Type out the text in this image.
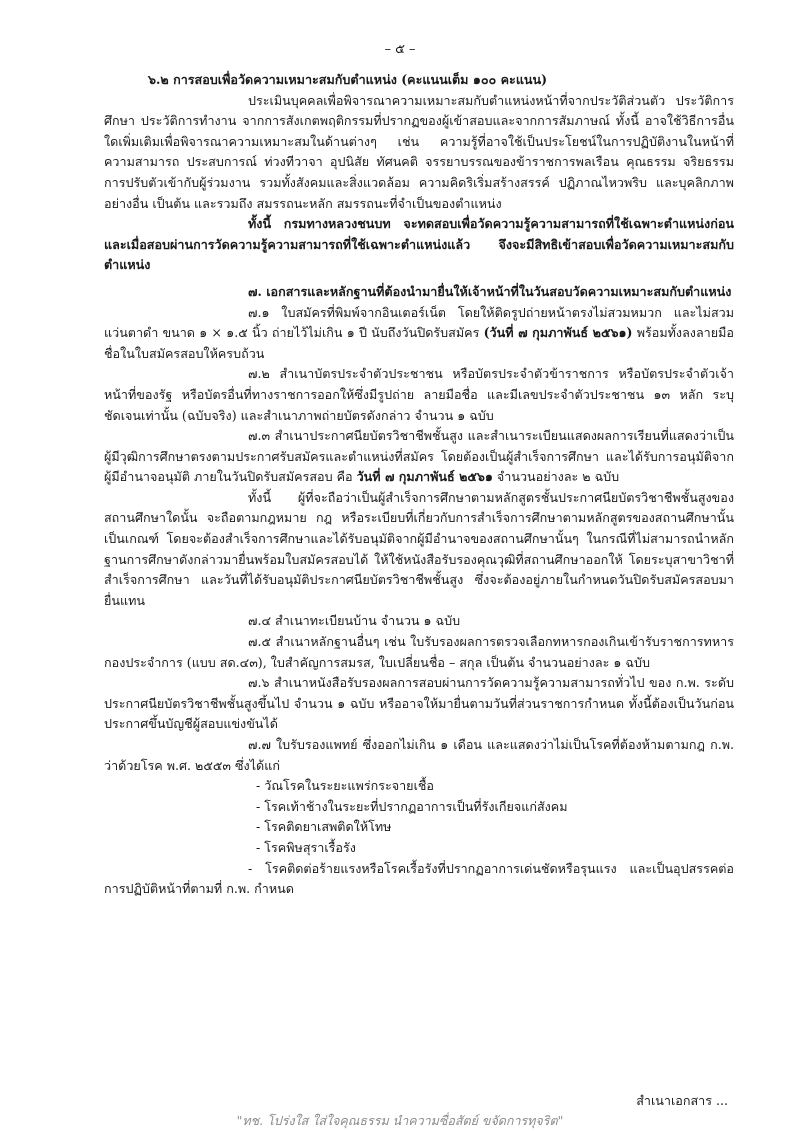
– ๕ –

๖.๒ การสอบเพื่อวัดความเหมาะสมกับตำแหน่ง (คะแนนเต็ม ๑๐๐ คะแนน)

ประเมินบุคคลเพื่อพิจารณาความเหมาะสมกับตำแหน่งหน้าที่จากประวัติส่วนตัว ประวัติการศึกษา ประวัติการทำงาน จากการสังเกตพฤติกรรมที่ปรากฏของผู้เข้าสอบและจากการสัมภาษณ์ ทั้งนี้ อาจใช้วิธีการอื่นใดเพิ่มเติมเพื่อพิจารณาความเหมาะสมในด้านต่างๆ เช่น ความรู้ที่อาจใช้เป็นประโยชน์ในการปฏิบัติงานในหน้าที่ ความสามารถ ประสบการณ์ ท่วงทีวาจา อุปนิสัย ทัศนคติ จรรยาบรรณของข้าราชการพลเรือน คุณธรรม จริยธรรม การปรับตัวเข้ากับผู้ร่วมงาน รวมทั้งสังคมและสิ่งแวดล้อม ความคิดริเริ่มสร้างสรรค์ ปฏิภาณไหวพริบ และบุคลิกภาพอย่างอื่น เป็นต้น และรวมถึง สมรรถนะหลัก สมรรถนะที่จำเป็นของตำแหน่ง

ทั้งนี้ กรมทางหลวงชนบท จะทดสอบเพื่อวัดความรู้ความสามารถที่ใช้เฉพาะตำแหน่งก่อน และเมื่อสอบผ่านการวัดความรู้ความสามารถที่ใช้เฉพาะตำแหน่งแล้ว จึงจะมีสิทธิเข้าสอบเพื่อวัดความเหมาะสมกับตำแหน่ง

๗. เอกสารและหลักฐานที่ต้องนำมายื่นให้เจ้าหน้าที่ในวันสอบวัดความเหมาะสมกับตำแหน่ง

๗.๑ ใบสมัครที่พิมพ์จากอินเตอร์เน็ต โดยให้ติดรูปถ่ายหน้าตรงไม่สวมหมวก และไม่สวมแว่นตาดำ ขนาด ๑ × ๑.๕ นิ้ว ถ่ายไว้ไม่เกิน ๑ ปี นับถึงวันปิดรับสมัคร (วันที่ ๗ กุมภาพันธ์ ๒๕๖๑) พร้อมทั้งลงลายมือชื่อในใบสมัครสอบให้ครบถ้วน

๗.๒ สำเนาบัตรประจำตัวประชาชน หรือบัตรประจำตัวข้าราชการ หรือบัตรประจำตัวเจ้าหน้าที่ของรัฐ หรือบัตรอื่นที่ทางราชการออกให้ซึ่งมีรูปถ่าย ลายมือชื่อ และมีเลขประจำตัวประชาชน ๑๓ หลัก ระบุชัดเจนเท่านั้น (ฉบับจริง) และสำเนาภาพถ่ายบัตรดังกล่าว จำนวน ๑ ฉบับ

๗.๓ สำเนาประกาศนียบัตรวิชาชีพชั้นสูง และสำเนาระเบียนแสดงผลการเรียนที่แสดงว่าเป็นผู้มีวุฒิการศึกษาตรงตามประกาศรับสมัครและตำแหน่งที่สมัคร โดยต้องเป็นผู้สำเร็จการศึกษา และได้รับการอนุมัติจากผู้มีอำนาจอนุมัติ ภายในวันปิดรับสมัครสอบ คือ วันที่ ๗ กุมภาพันธ์ ๒๕๖๑ จำนวนอย่างละ ๒ ฉบับ

ทั้งนี้ ผู้ที่จะถือว่าเป็นผู้สำเร็จการศึกษาตามหลักสูตรชั้นประกาศนียบัตรวิชาชีพชั้นสูงของสถานศึกษาใดนั้น จะถือตามกฎหมาย กฎ หรือระเบียบที่เกี่ยวกับการสำเร็จการศึกษาตามหลักสูตรของสถานศึกษานั้นเป็นเกณฑ์ โดยจะต้องสำเร็จการศึกษาและได้รับอนุมัติจากผู้มีอำนาจของสถานศึกษานั้นๆ ในกรณีที่ไม่สามารถนำหลักฐานการศึกษาดังกล่าวมายื่นพร้อมใบสมัครสอบได้ ให้ใช้หนังสือรับรองคุณวุฒิที่สถานศึกษาออกให้ โดยระบุสาขาวิชาที่สำเร็จการศึกษา และวันที่ได้รับอนุมัติประกาศนียบัตรวิชาชีพชั้นสูง ซึ่งจะต้องอยู่ภายในกำหนดวันปิดรับสมัครสอบมายื่นแทน

๗.๔ สำเนาทะเบียนบ้าน จำนวน ๑ ฉบับ

๗.๕ สำเนาหลักฐานอื่นๆ เช่น ใบรับรองผลการตรวจเลือกทหารกองเกินเข้ารับราชการทหารกองประจำการ (แบบ สด.๔๓), ใบสำคัญการสมรส, ใบเปลี่ยนชื่อ – สกุล เป็นต้น จำนวนอย่างละ ๑ ฉบับ

๗.๖ สำเนาหนังสือรับรองผลการสอบผ่านการวัดความรู้ความสามารถทั่วไป ของ ก.พ. ระดับประกาศนียบัตรวิชาชีพชั้นสูงขึ้นไป จำนวน ๑ ฉบับ หรืออาจให้มายื่นตามวันที่ส่วนราชการกำหนด ทั้งนี้ต้องเป็นวันก่อนประกาศขึ้นบัญชีผู้สอบแข่งขันได้

๗.๗ ใบรับรองแพทย์ ซึ่งออกไม่เกิน ๑ เดือน และแสดงว่าไม่เป็นโรคที่ต้องห้ามตามกฎ ก.พ. ว่าด้วยโรค พ.ศ. ๒๕๕๓ ซึ่งได้แก่

- วัณโรคในระยะแพร่กระจายเชื้อ

- โรคเท้าช้างในระยะที่ปรากฏอาการเป็นที่รังเกียจแก่สังคม

- โรคติดยาเสพติดให้โทษ

- โรคพิษสุราเรื้อรัง

- โรคติดต่อร้ายแรงหรือโรคเรื้อรังที่ปรากฏอาการเด่นชัดหรือรุนแรง และเป็นอุปสรรคต่อการปฏิบัติหน้าที่ตามที่ ก.พ. กำหนด

สำเนาเอกสาร ...
"ทช. โปร่งใส ใส่ใจคุณธรรม นำความซื่อสัตย์ ขจัดการทุจริต"
